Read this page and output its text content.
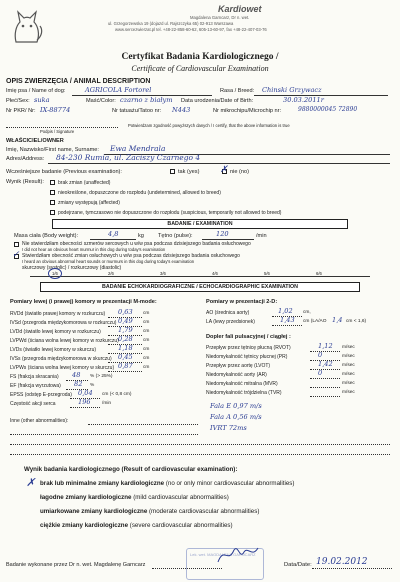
Kardiowet
Magdalena Garncarz, Dr n. wet.
ul. Grzegorzewska 19 (dojazd ul. Rajszczyka 65) 02-913 Warszawa
www.sercezwierzat.pl tel. +48-22-858-60-62, 605-13-60-97, fax +48-22-407-03-76
Certyfikat Badania Kardiologicznego /
Certificate of Cardiovascular Examination
OPIS ZWIERZĘCIA / ANIMAL DESCRIPTION
Imię psa / Name of dog:	AGRICOLA Fortorel	Rasa / Breed: Chinski Grzywacz
Płeć/Sex: suka	Maść/Color: czarno z białym Data urodzenia/Date of Birth:	30.03.2011r
Nr PKR/ Nr: IX-88774	Nr tatuażu/Tatoo nr: N443	Nr mikrochipu/Microchip nr:	9880000045 72890
Podpis / Signature
Potwierdzam zgodność powyższych danych / I certify, that the above information is true
WŁAŚCICIEL/OWNER
Imię, Nazwisko/First name, Surname: Ewa Mendrala
Adres/Address: 84-230 Rumia, ul. Zaciszy Czarnego 4
Wcześniejsze badanie (Previous examination):	tak (yes) ✗ nie (no)
Wynik (Result):	brak zmian (unaffected)
nieokreślone, dopuszczone do rozpłodu (undetermined, allowed to breed)
zmiany występują (affected)
podejrzane, tymczasowo nie dopuszczone do rozpłodu (suspicious, temporarily not allowed to breed)
BADANIE / EXAMINATION
Masa ciała (Body weight):	4,8	kg	Tętno (pulse):	120	/min
Nie stwierdziłam obecności szmerów sercowych u w/w psa podczas dzisiejszego badania osłuchowego
I did not hear an obvious heart murmur in this dog during today's examination
✓ Stwierdziłam obecność zmian osłuchowych u w/w psa podczas dzisiejszego badania osłuchowego
I heard an obvious abnormal heart sounds or murmurs in this dog during today's examination
skurczowy (systolic) / rozkurczowy (diastolic)
1/6	2/6	3/6	4/6	5/6	6/6
BADANIE ECHOKARDIOGRAFICZNE / ECHOCARDIOGRAPHIC EXAMINATION
Pomiary lewej (i prawej) komory w prezentacji M-mode:
RVDd (światło prawej komory w rozkurczu) 0,63 cm
IVSd (przegroda międzykomorowa w rozkurczu) 0,49 cm
LVDd (światło lewej komory w rozkurczu)	1,79 cm
LVPWd (ściana wolna lewej komory w rozkurczu) 0,28 cm
LVDs (światło lewej komory w skurczu)	1,18 cm
IVSs (przegroda międzykomorowa w skurczu) 0,45 cm
LVPWs (ściana wolna lewej komory w skurczu) 0,87 cm
FS (frakcja skracania) 48 % (> 25%)
EF (frakcja wyrzutowa) 82 %
EPSS (odstęp E-przegroda) 0,04 cm (< 0,8 cm)
Częstość akcji serca	196 /min
Pomiary w prezentacji 2-D:
AO (średnica aorty)	1,02 cm,
LA (lewy przedsionek)	1,43 cm (LA/AO 1,4 cm < 1,6)
Dopler fali pulsacyjnej / ciągłej :
Przepływ przez tętnicę płucną (RVOT)	1,12 m/sec
Niedomykalność tętnicy płucnej (PR)	0	m/sec
Przepływ przez aortę (LVOT)	1,42 m/sec
Niedomykalność aorty (AR)	0	m/sec
Niedomykalność mitralna (MVR)	m/sec
Niedomykalność trójdzielna (TVR)	m/sec
Fala E 0,97 m/s
Fala A 0,56 m/s
IVRT 72ms
Inne (other abnormalities):
Wynik badania kardiologicznego (Result of cardiovascular examination):
✗ brak lub minimalne zmiany kardiologiczne (no or only minor cardiovascular abnormalities)
łagodne zmiany kardiologiczne (mild cardiovascular abnormalities)
umiarkowane zmiany kardiologiczne (moderate cardiovascular abnormalities)
ciężkie zmiany kardiologiczne (severe cardiovascular abnormalities)
Badanie wykonane przez Dr n. wet. Magdalenę Garncarz
Lek. wet. MAGDALENA GARNCARZ
Data/Date: 19.02.2012
